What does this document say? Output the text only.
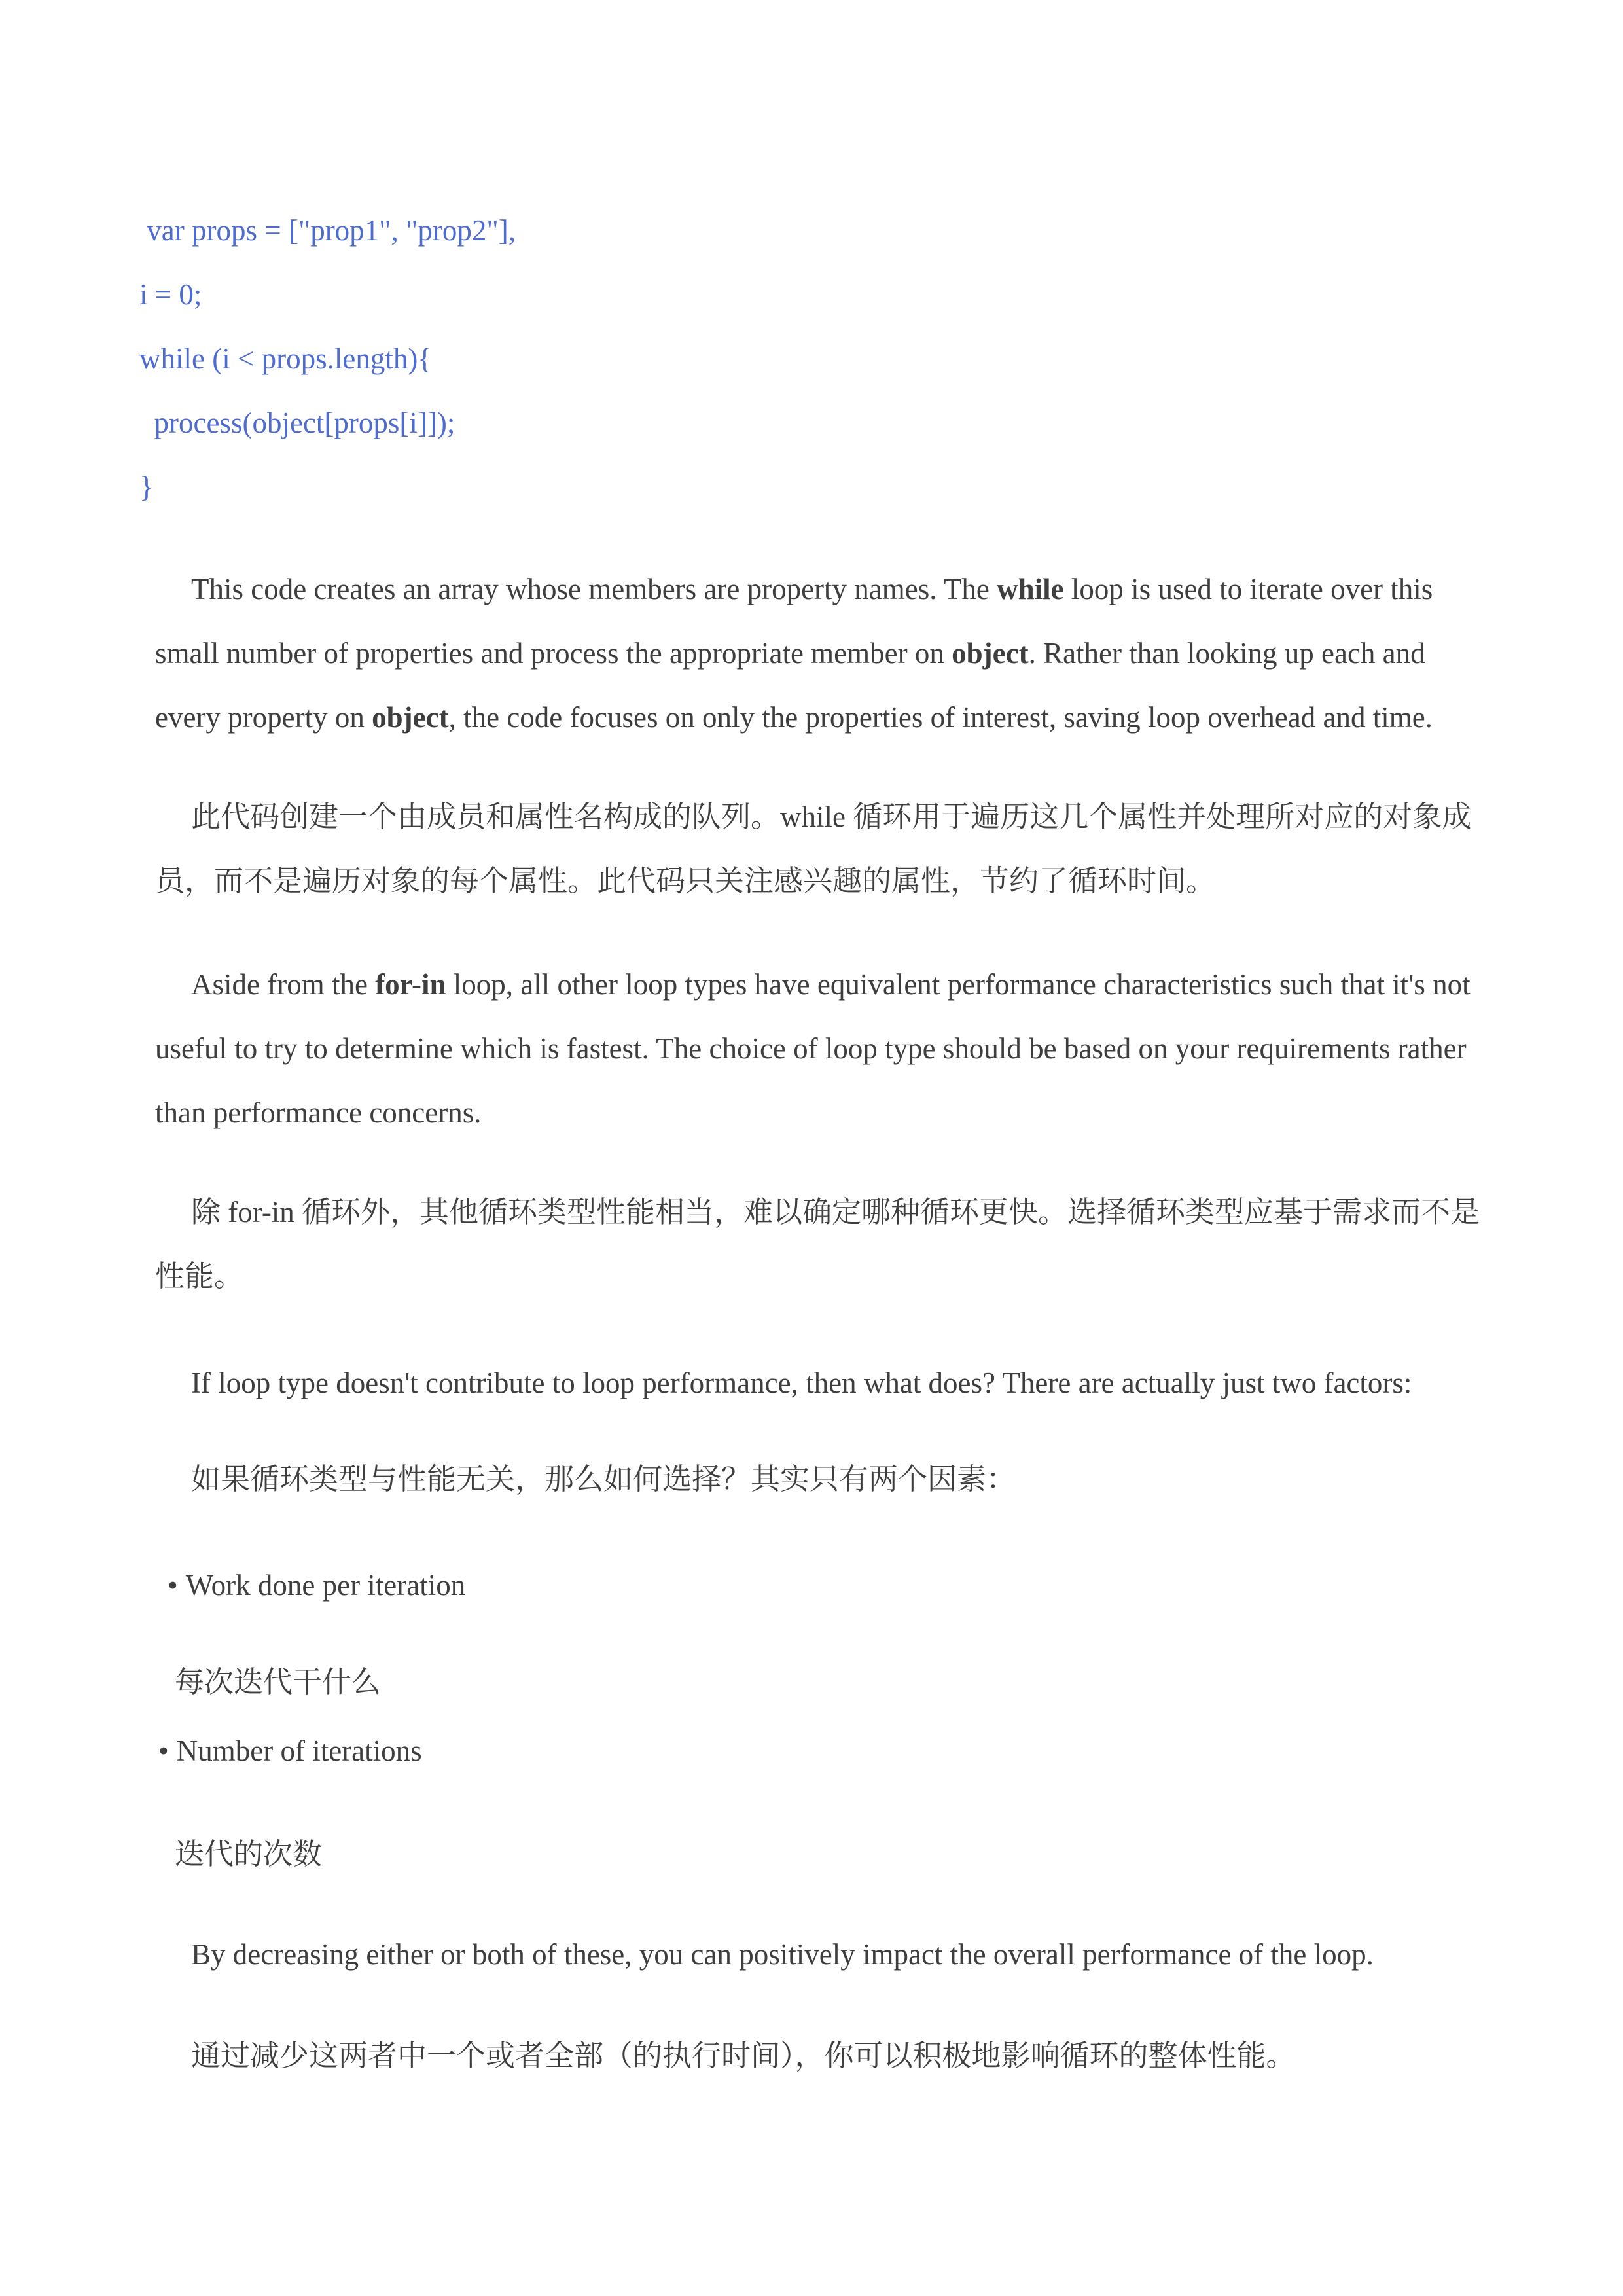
var props = ["prop1", "prop2"],
i = 0;
while (i < props.length){
process(object[props[i]]);
}

This code creates an array whose members are property names. The while loop is used to iterate over this small number of properties and process the appropriate member on object. Rather than looking up each and every property on object, the code focuses on only the properties of interest, saving loop overhead and time.

此代码创建一个由成员和属性名构成的队列。while 循环用于遍历这几个属性并处理所对应的对象成员，而不是遍历对象的每个属性。此代码只关注感兴趣的属性，节约了循环时间。

Aside from the for-in loop, all other loop types have equivalent performance characteristics such that it's not useful to try to determine which is fastest. The choice of loop type should be based on your requirements rather than performance concerns.

除 for-in 循环外，其他循环类型性能相当，难以确定哪种循环更快。选择循环类型应基于需求而不是性能。

If loop type doesn't contribute to loop performance, then what does? There are actually just two factors:

如果循环类型与性能无关，那么如何选择？其实只有两个因素：

• Work done per iteration

每次迭代干什么

• Number of iterations

迭代的次数

By decreasing either or both of these, you can positively impact the overall performance of the loop.

通过减少这两者中一个或者全部（的执行时间），你可以积极地影响循环的整体性能。
